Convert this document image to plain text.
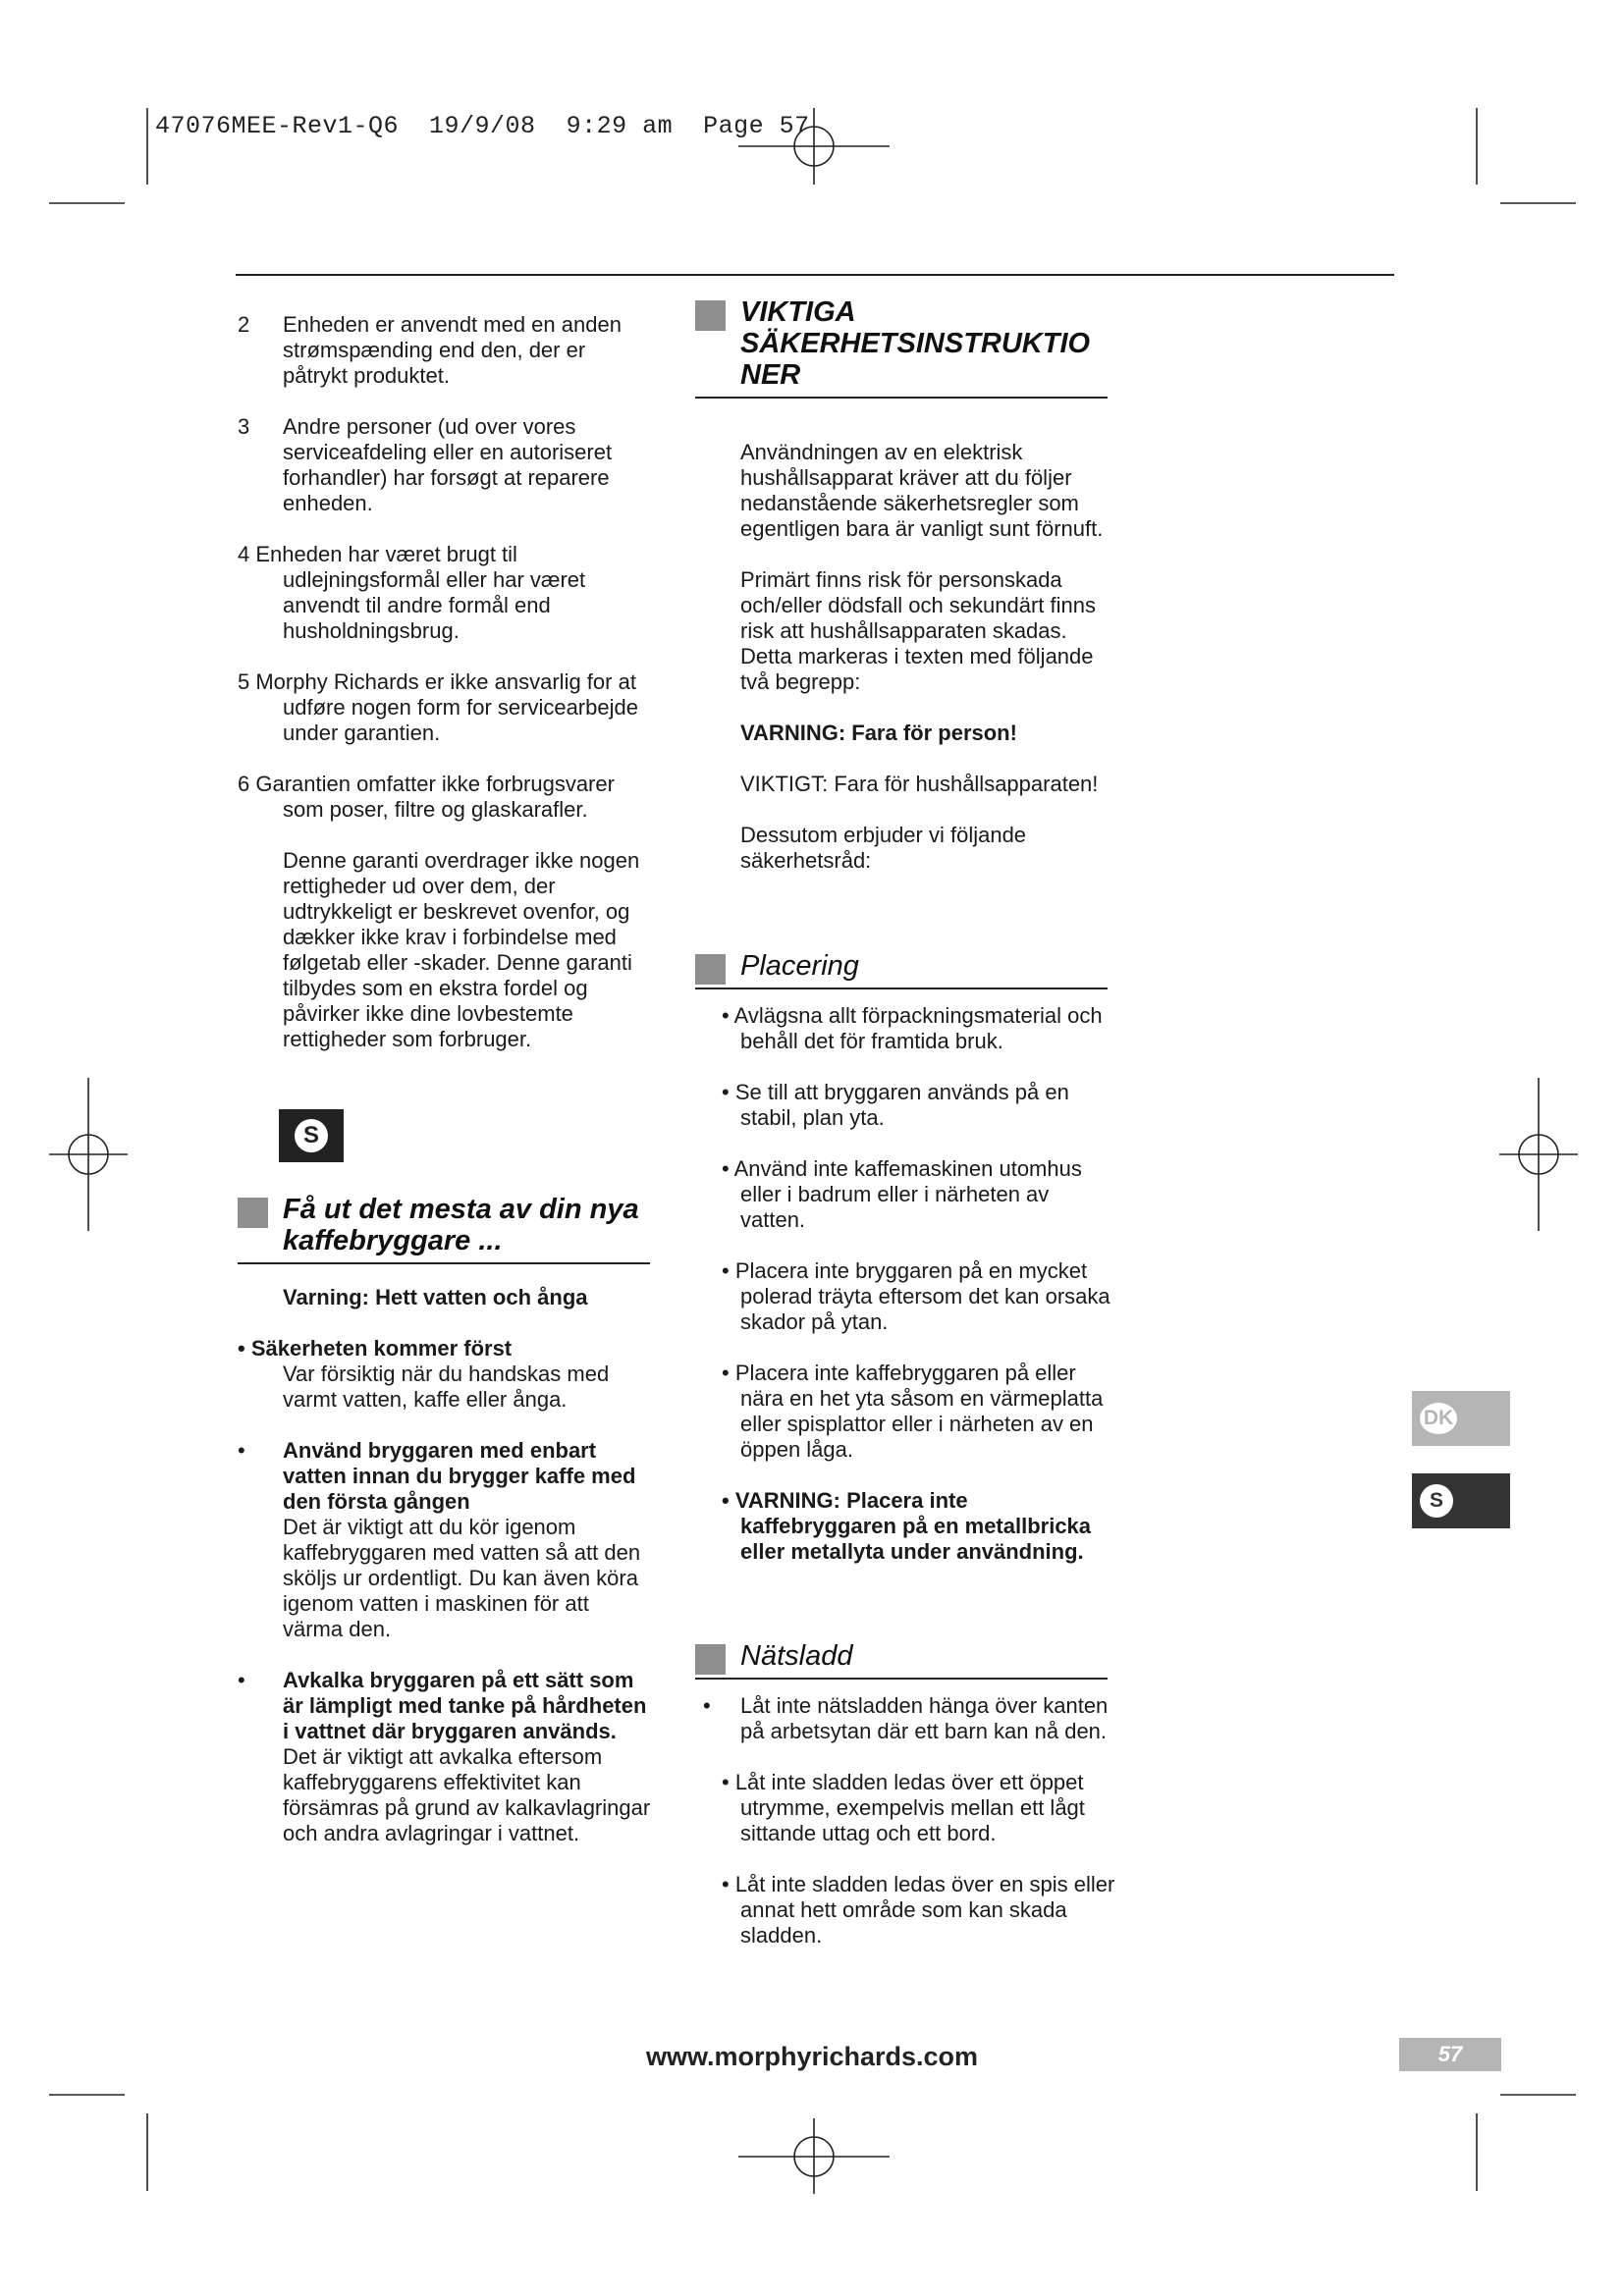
47076MEE-Rev1-Q6  19/9/08  9:29 am  Page 57
2 Enheden er anvendt med en anden strømspænding end den, der er påtrykt produktet.

3 Andre personer (ud over vores serviceafdeling eller en autoriseret forhandler) har forsøgt at reparere enheden.

4 Enheden har været brugt til udlejningsformål eller har været anvendt til andre formål end husholdningsbrug.

5 Morphy Richards er ikke ansvarlig for at udføre nogen form for servicearbejde under garantien.

6 Garantien omfatter ikke forbrugsvarer som poser, filtre og glaskarafler.

Denne garanti overdrager ikke nogen rettigheder ud over dem, der udtrykkeligt er beskrevet ovenfor, og dækker ikke krav i forbindelse med følgetab eller -skader. Denne garanti tilbydes som en ekstra fordel og påvirker ikke dine lovbestemte rettigheder som forbruger.

S
Få ut det mesta av din nya kaffebryggare ...

Varning: Hett vatten och ånga

• Säkerheten kommer först

Var försiktig när du handskas med varmt vatten, kaffe eller ånga.

• Använd bryggaren med enbart vatten innan du brygger kaffe med den första gången

Det är viktigt att du kör igenom kaffebryggaren med vatten så att den sköljs ur ordentligt. Du kan även köra igenom vatten i maskinen för att värma den.

• Avkalka bryggaren på ett sätt som är lämpligt med tanke på hårdheten i vattnet där bryggaren används.

Det är viktigt att avkalka eftersom kaffebryggarens effektivitet kan försämras på grund av kalkavlagringar och andra avlagringar i vattnet.

VIKTIGA SÄKERHETSINSTRUKTIO NER

Användningen av en elektrisk hushållsapparat kräver att du följer nedanstående säkerhetsregler som egentligen bara är vanligt sunt förnuft.

Primärt finns risk för personskada och/eller dödsfall och sekundärt finns risk att hushållsapparaten skadas. Detta markeras i texten med följande två begrepp:

VARNING: Fara för person!

VIKTIGT: Fara för hushållsapparaten!

Dessutom erbjuder vi följande säkerhetsråd:

Placering

• Avlägsna allt förpackningsmaterial och behåll det för framtida bruk.

• Se till att bryggaren används på en stabil, plan yta.

• Använd inte kaffemaskinen utomhus eller i badrum eller i närheten av vatten.

• Placera inte bryggaren på en mycket polerad träyta eftersom det kan orsaka skador på ytan.

• Placera inte kaffebryggaren på eller nära en het yta såsom en värmeplatta eller spisplattor eller i närheten av en öppen låga.

• VARNING: Placera inte kaffebryggaren på en metallbricka eller metallyta under användning.

Nätsladd
• Låt inte nätsladden hänga över kanten på arbetsytan där ett barn kan nå den.

• Låt inte sladden ledas över ett öppet utrymme, exempelvis mellan ett lågt sittande uttag och ett bord.

• Låt inte sladden ledas över en spis eller annat hett område som kan skada sladden.

DK
S
www.morphyrichards.com	57
